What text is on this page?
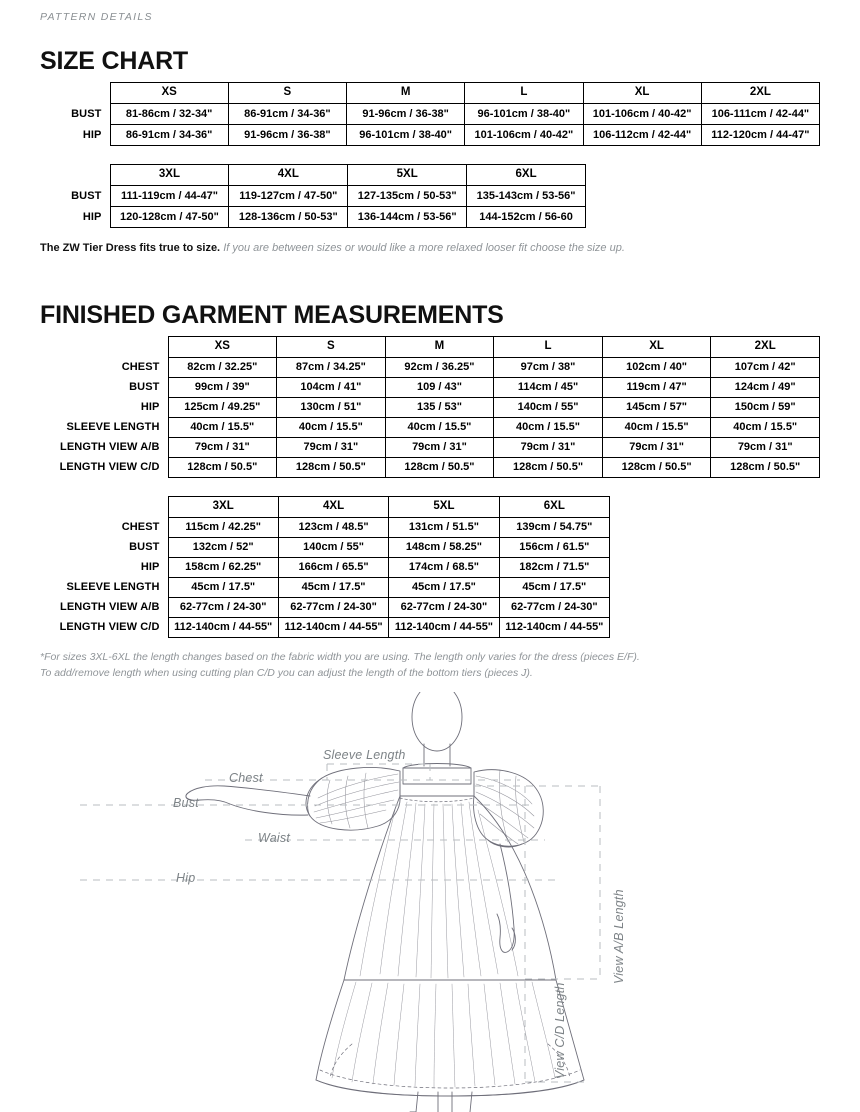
PATTERN DETAILS
SIZE CHART
	XS	S	M	L	XL	2XL
BUST	81-86cm / 32-34"	86-91cm / 34-36"	91-96cm / 36-38"	96-101cm / 38-40"	101-106cm / 40-42"	106-111cm / 42-44"
HIP	86-91cm / 34-36"	91-96cm / 36-38"	96-101cm / 38-40"	101-106cm / 40-42"	106-112cm / 42-44"	112-120cm / 44-47"
	3XL	4XL	5XL	6XL
BUST	111-119cm / 44-47"	119-127cm / 47-50"	127-135cm / 50-53"	135-143cm / 53-56"
HIP	120-128cm / 47-50"	128-136cm / 50-53"	136-144cm / 53-56"	144-152cm / 56-60

The ZW Tier Dress fits true to size. If you are between sizes or would like a more relaxed looser fit choose the size up.

FINISHED GARMENT MEASUREMENTS
	XS	S	M	L	XL	2XL
CHEST	82cm / 32.25"	87cm / 34.25"	92cm / 36.25"	97cm / 38"	102cm / 40"	107cm / 42"
BUST	99cm / 39"	104cm / 41"	109 / 43"	114cm / 45"	119cm / 47"	124cm / 49"
HIP	125cm / 49.25"	130cm / 51"	135 / 53"	140cm / 55"	145cm / 57"	150cm / 59"
SLEEVE LENGTH	40cm / 15.5"	40cm / 15.5"	40cm / 15.5"	40cm / 15.5"	40cm / 15.5"	40cm / 15.5"
LENGTH VIEW A/B	79cm / 31"	79cm / 31"	79cm / 31"	79cm / 31"	79cm / 31"	79cm / 31"
LENGTH VIEW C/D	128cm / 50.5"	128cm / 50.5"	128cm / 50.5"	128cm / 50.5"	128cm / 50.5"	128cm / 50.5"
	3XL	4XL	5XL	6XL
CHEST	115cm / 42.25"	123cm / 48.5"	131cm / 51.5"	139cm / 54.75"
BUST	132cm / 52"	140cm / 55"	148cm / 58.25"	156cm / 61.5"
HIP	158cm / 62.25"	166cm / 65.5"	174cm / 68.5"	182cm / 71.5"
SLEEVE LENGTH	45cm / 17.5"	45cm / 17.5"	45cm / 17.5"	45cm / 17.5"
LENGTH VIEW A/B	62-77cm / 24-30"	62-77cm / 24-30"	62-77cm / 24-30"	62-77cm / 24-30"
LENGTH VIEW C/D	112-140cm / 44-55"	112-140cm / 44-55"	112-140cm / 44-55"	112-140cm / 44-55"

*For sizes 3XL-6XL the length changes based on the fabric width you are using. The length only varies for the dress (pieces E/F).
To add/remove length when using cutting plan C/D you can adjust the length of the bottom tiers (pieces J).

Sleeve Length
Chest
Bust
Waist
Hip
View A/B Length
View C/D Length
